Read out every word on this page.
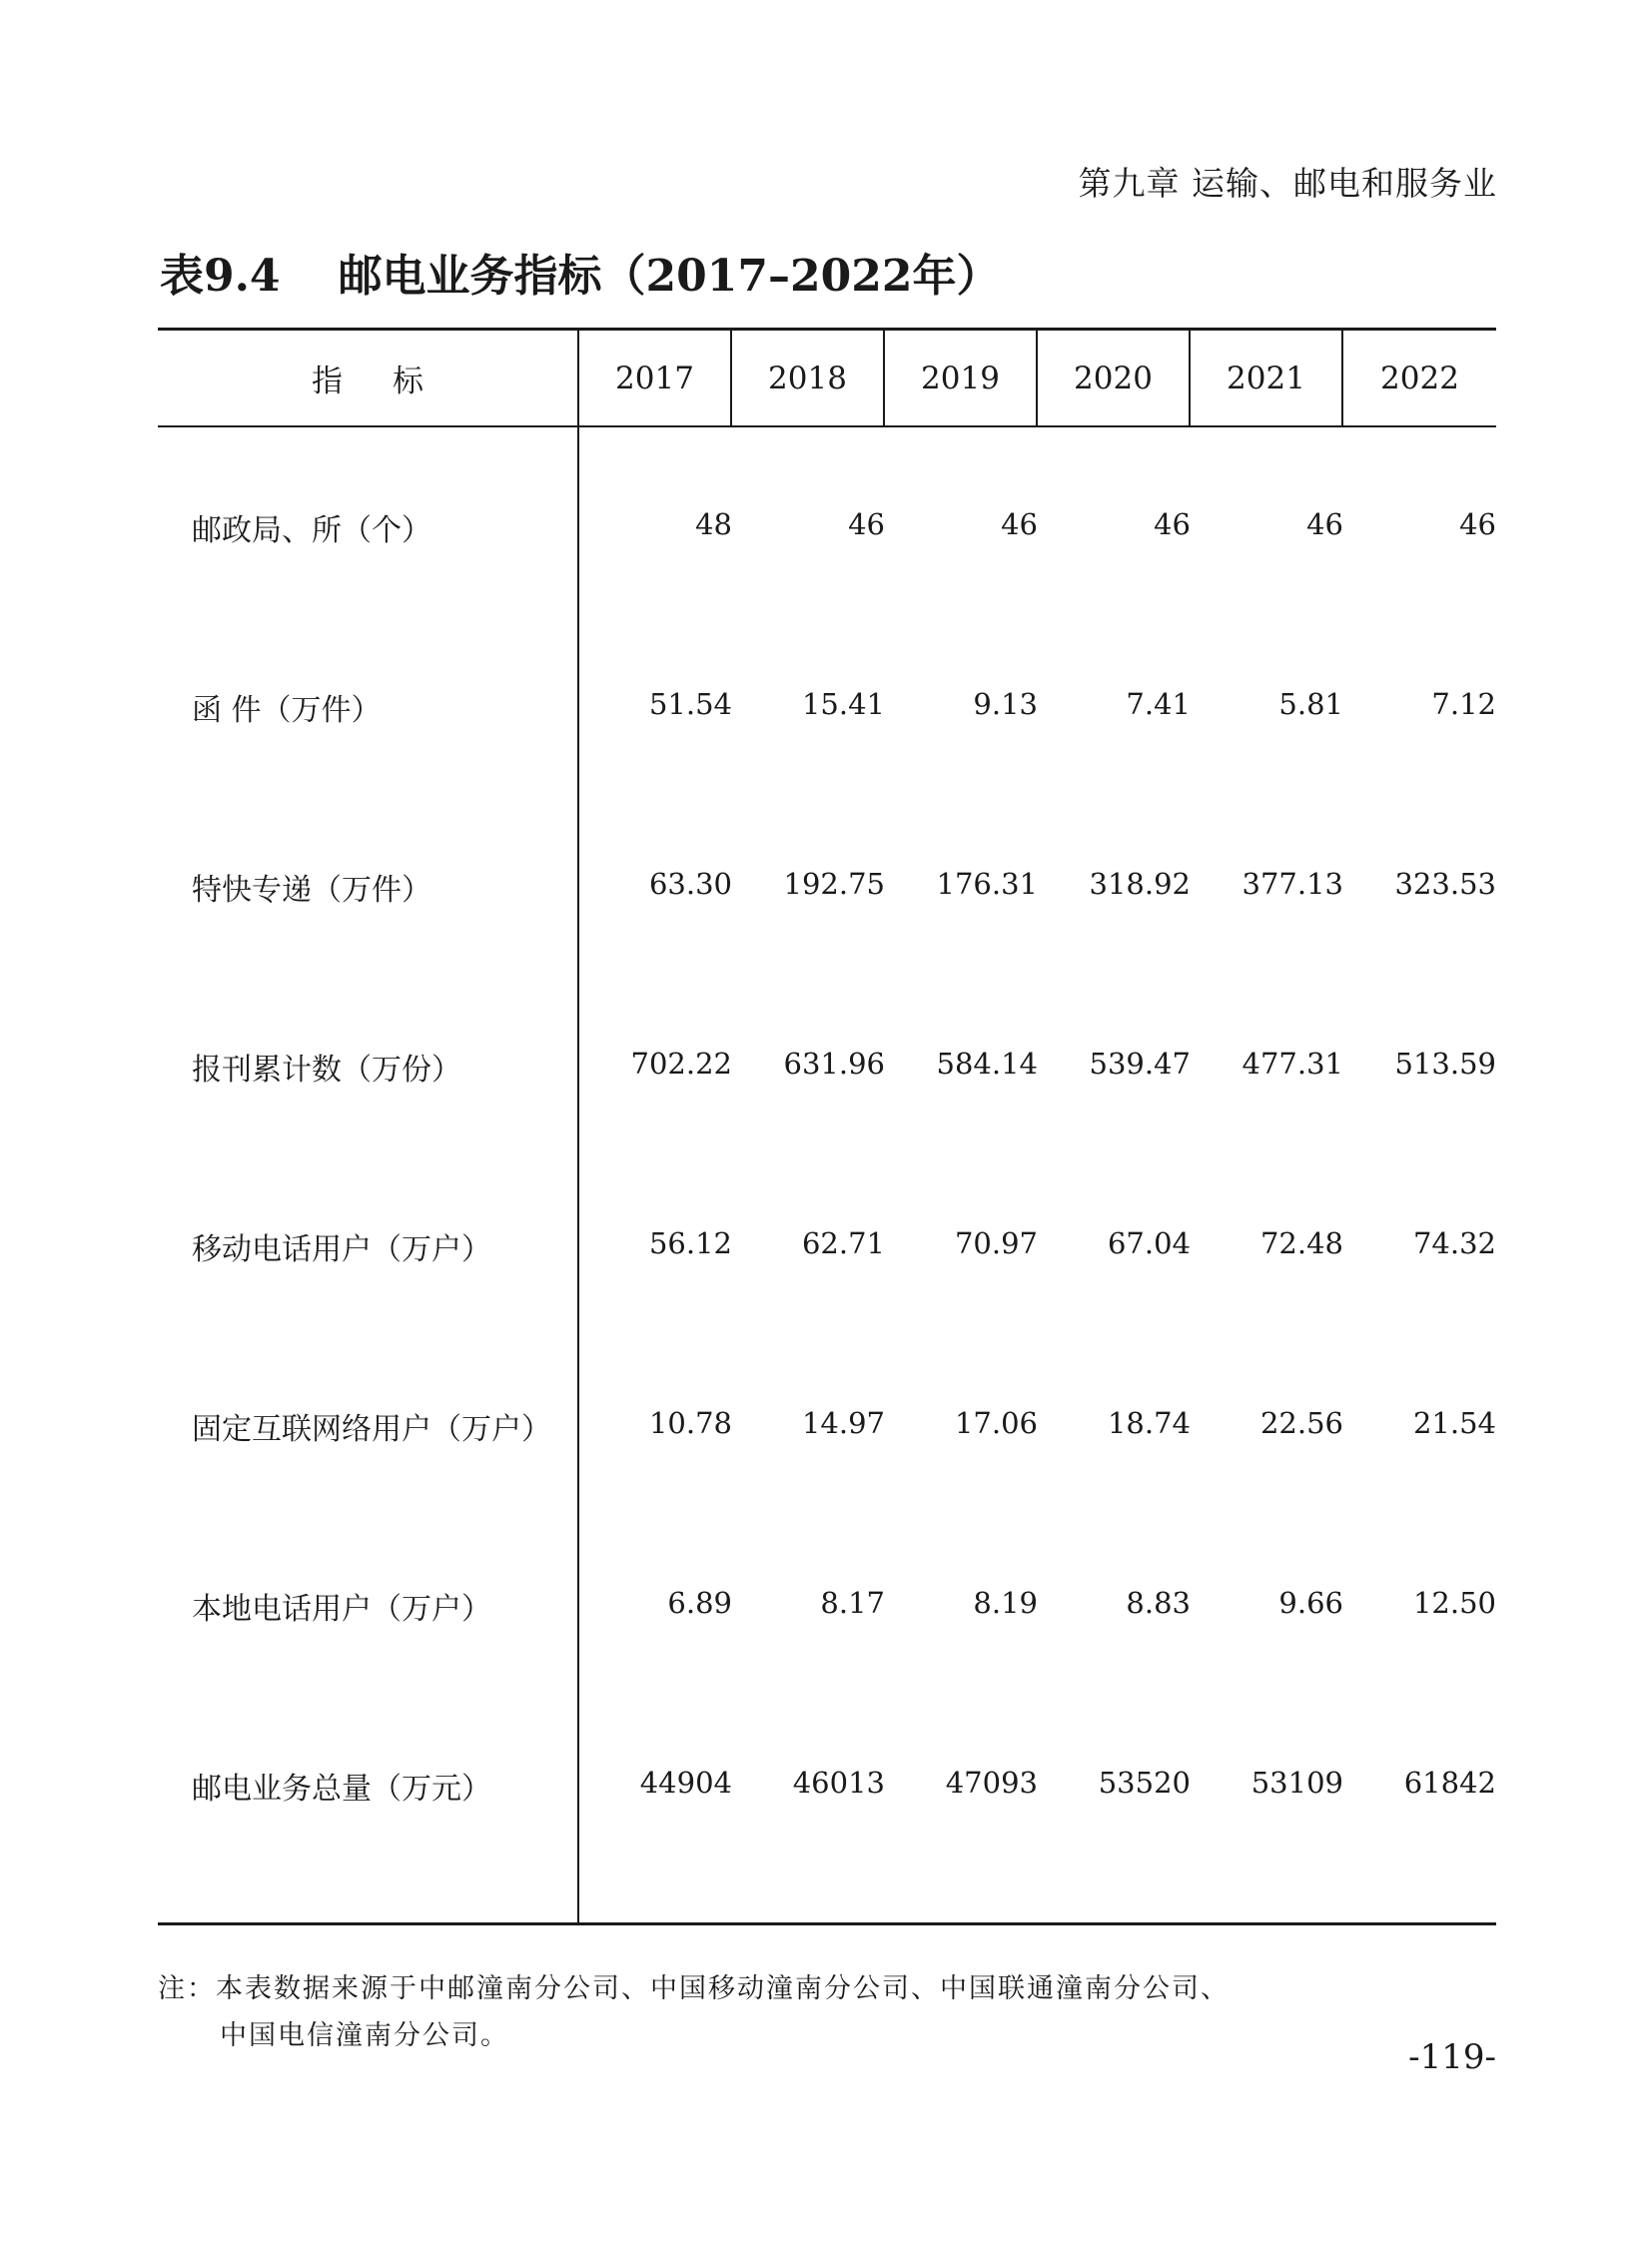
第九章 运输、邮电和服务业
表9.4 邮电业务指标（2017–2022年）
指标	2017	2018	2019	2020	2021	2022
邮政局、所（个）	48	46	46	46	46	46
函 件（万件）	51.54	15.41	9.13	7.41	5.81	7.12
特快专递（万件）	63.30	192.75	176.31	318.92	377.13	323.53
报刊累计数（万份）	702.22	631.96	584.14	539.47	477.31	513.59
移动电话用户（万户）	56.12	62.71	70.97	67.04	72.48	74.32
固定互联网络用户（万户）	10.78	14.97	17.06	18.74	22.56	21.54
本地电话用户（万户）	6.89	8.17	8.19	8.83	9.66	12.50
邮电业务总量（万元）	44904	46013	47093	53520	53109	61842
注：本表数据来源于中邮潼南分公司、中国移动潼南分公司、中国联通潼南分公司、
中国电信潼南分公司。
-119-
